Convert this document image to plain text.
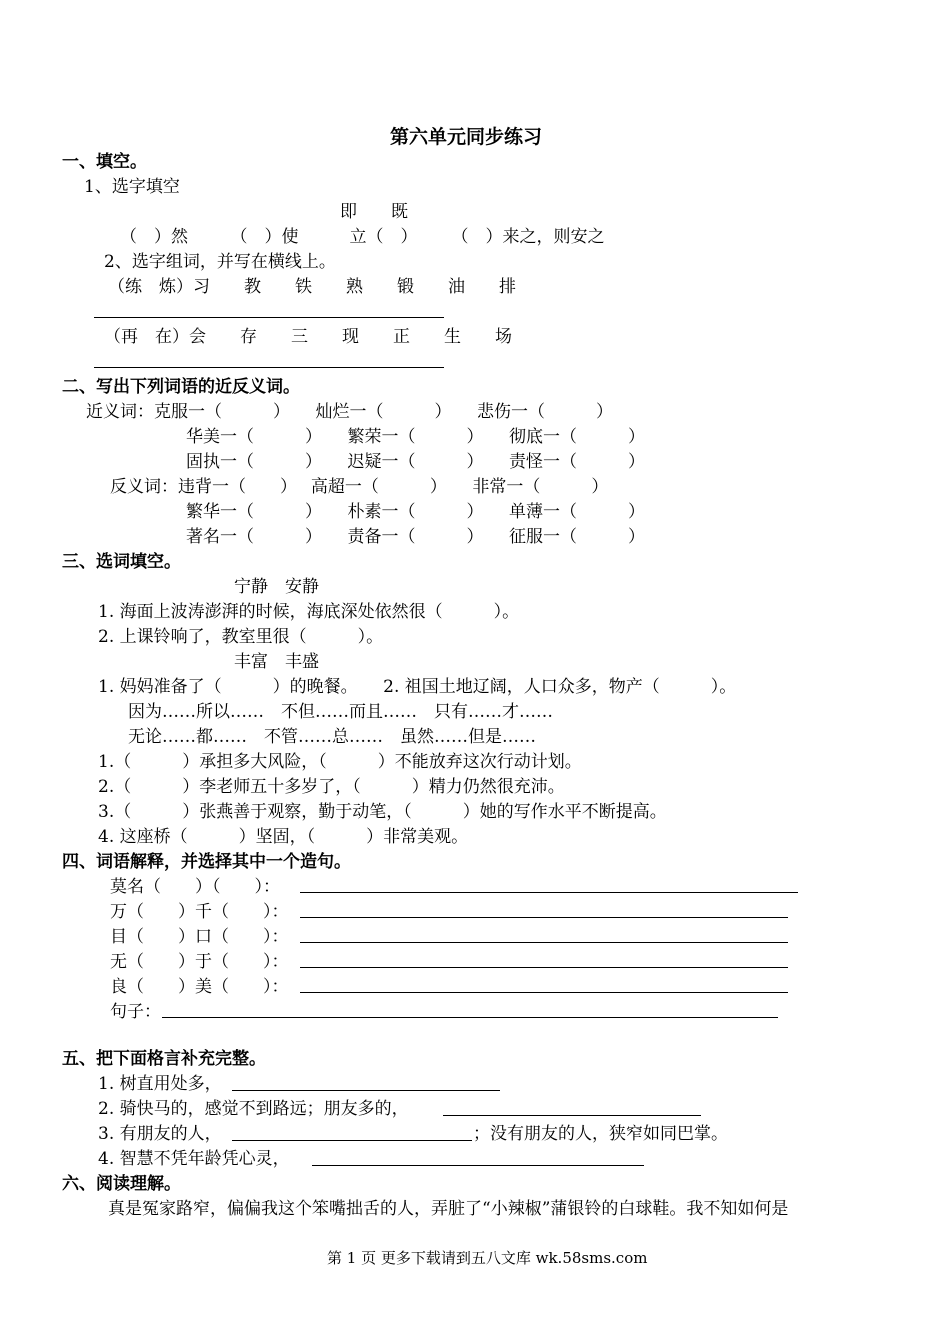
第六单元同步练习
一、填空。
1、选字填空
即　　既
（　）然　　　（　）使　　　立（　）　　　（　）来之，则安之
2、选字组词，并写在横线上。
（练　炼）习　　教　　铁　　熟　　锻　　油　　排
（再　在）会　　存　　三　　现　　正　　生　　场
二、写出下列词语的近反义词。
近义词：克服一（　　　）　　灿烂一（　　　）　　悲伤一（　　　）
华美一（　　　）　　繁荣一（　　　）　　彻底一（　　　）
固执一（　　　）　　迟疑一（　　　）　　责怪一（　　　）
反义词：违背一（　　）　 高超一（　　　）　　非常一（　　　）
繁华一（　　　）　　朴素一（　　　）　　单薄一（　　　）
著名一（　　　）　　责备一（　　　）　　征服一（　　　）
三、选词填空。
宁静　安静
1. 海面上波涛澎湃的时候，海底深处依然很（　　　）。
2. 上课铃响了，教室里很（　　　）。
丰富　丰盛
1. 妈妈准备了（　　　）的晚餐。　　2. 祖国土地辽阔，人口众多，物产（　　　）。
因为……所以……　不但……而且……　只有……才……
无论……都……　不管……总……　虽然……但是……
1.（　　　）承担多大风险，（　　　）不能放弃这次行动计划。
2.（　　　）李老师五十多岁了，（　　　）精力仍然很充沛。
3.（　　　）张燕善于观察，勤于动笔，（　　　）她的写作水平不断提高。
4. 这座桥（　　　）坚固，（　　　）非常美观。
四、词语解释，并选择其中一个造句。
莫名（　　）（　　）：
万（　　）千（　　）：
目（　　）口（　　）：
无（　　）于（　　）：
良（　　）美（　　）：
句子：
五、把下面格言补充完整。
1. 树直用处多，
2. 骑快马的，感觉不到路远；朋友多的，
3. 有朋友的人，	；没有朋友的人，狭窄如同巴掌。
4. 智慧不凭年龄凭心灵，
六、阅读理解。
真是冤家路窄，偏偏我这个笨嘴拙舌的人，弄脏了“小辣椒”蒲银铃的白球鞋。我不知如何是
第 1 页 更多下载请到五八文库 wk.58sms.com
